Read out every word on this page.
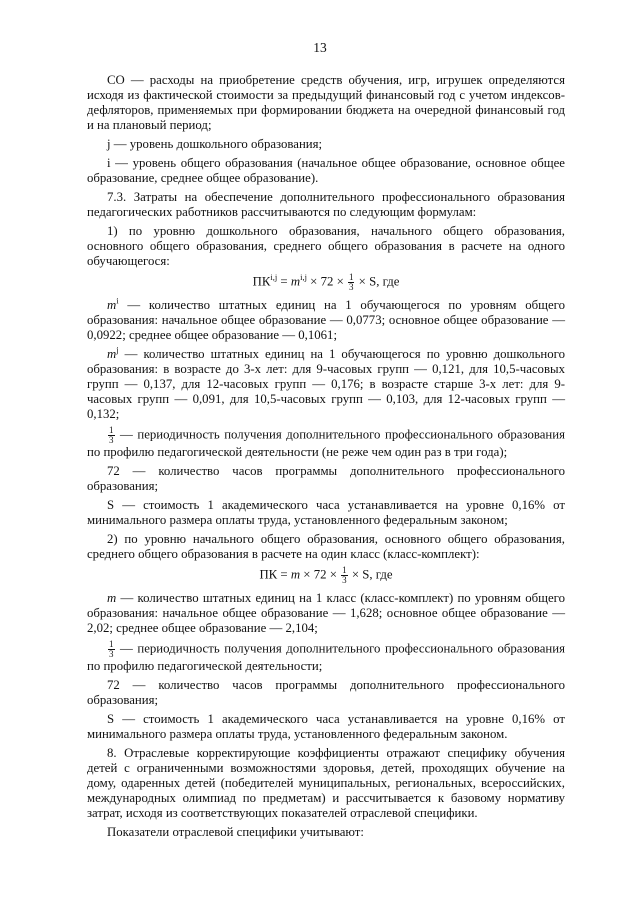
13

СО — расходы на приобретение средств обучения, игр, игрушек определяются исходя из фактической стоимости за предыдущий финансовый год с учетом индексов-дефляторов, применяемых при формировании бюджета на очередной финансовый год и на плановый период;

j — уровень дошкольного образования;

i — уровень общего образования (начальное общее образование, основное общее образование, среднее общее образование).

7.3. Затраты на обеспечение дополнительного профессионального образования педагогических работников рассчитываются по следующим формулам:

1) по уровню дошкольного образования, начального общего образования, основного общего образования, среднего общего образования в расчете на одного обучающегося:

$ПК^{i,j} = m^{i,j} \times 72 \times \frac{1}{3} \times S$, где

$m^i$ — количество штатных единиц на 1 обучающегося по уровням общего образования: начальное общее образование — 0,0773; основное общее образование — 0,0922; среднее общее образование — 0,1061;

$m^j$ — количество штатных единиц на 1 обучающегося по уровню дошкольного образования: в возрасте до 3-х лет: для 9-часовых групп — 0,121, для 10,5-часовых групп — 0,137, для 12-часовых групп — 0,176; в возрасте старше 3-х лет: для 9-часовых групп — 0,091, для 10,5-часовых групп — 0,103, для 12-часовых групп — 0,132;

$\frac{1}{3}$ — периодичность получения дополнительного профессионального образования по профилю педагогической деятельности (не реже чем один раз в три года);

72 — количество часов программы дополнительного профессионального образования;

S — стоимость 1 академического часа устанавливается на уровне 0,16% от минимального размера оплаты труда, установленного федеральным законом;

2) по уровню начального общего образования, основного общего образования, среднего общего образования в расчете на один класс (класс-комплект):

ПК = $m \times 72 \times \frac{1}{3} \times S$, где

m — количество штатных единиц на 1 класс (класс-комплект) по уровням общего образования: начальное общее образование — 1,628; основное общее образование — 2,02; среднее общее образование — 2,104;

$\frac{1}{3}$ — периодичность получения дополнительного профессионального образования по профилю педагогической деятельности;

72 — количество часов программы дополнительного профессионального образования;

S — стоимость 1 академического часа устанавливается на уровне 0,16% от минимального размера оплаты труда, установленного федеральным законом.

8. Отраслевые корректирующие коэффициенты отражают специфику обучения детей с ограниченными возможностями здоровья, детей, проходящих обучение на дому, одаренных детей (победителей муниципальных, региональных, всероссийских, международных олимпиад по предметам) и рассчитывается к базовому нормативу затрат, исходя из соответствующих показателей отраслевой специфики.

Показатели отраслевой специфики учитывают:
